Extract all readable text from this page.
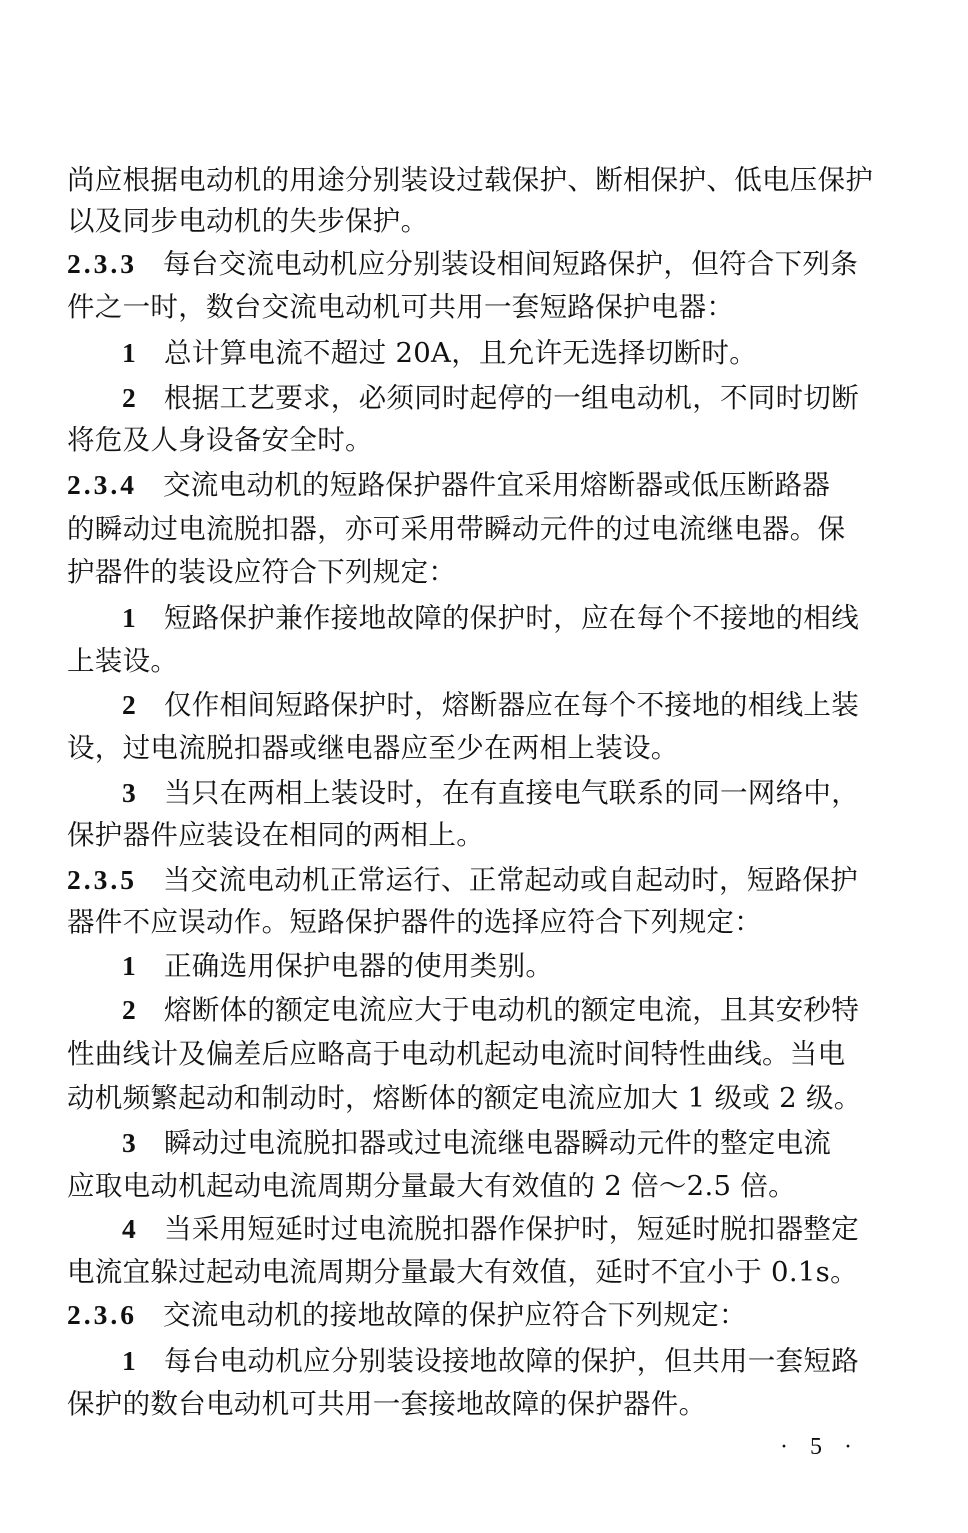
尚应根据电动机的用途分别装设过载保护、断相保护、低电压保护
以及同步电动机的失步保护。
2.3.3 每台交流电动机应分别装设相间短路保护，但符合下列条
件之一时，数台交流电动机可共用一套短路保护电器：
1 总计算电流不超过 20A，且允许无选择切断时。
2 根据工艺要求，必须同时起停的一组电动机，不同时切断
将危及人身设备安全时。
2.3.4 交流电动机的短路保护器件宜采用熔断器或低压断路器
的瞬动过电流脱扣器，亦可采用带瞬动元件的过电流继电器。保
护器件的装设应符合下列规定：
1 短路保护兼作接地故障的保护时，应在每个不接地的相线
上装设。
2 仅作相间短路保护时，熔断器应在每个不接地的相线上装
设，过电流脱扣器或继电器应至少在两相上装设。
3 当只在两相上装设时，在有直接电气联系的同一网络中，
保护器件应装设在相同的两相上。
2.3.5 当交流电动机正常运行、正常起动或自起动时，短路保护
器件不应误动作。短路保护器件的选择应符合下列规定：
1 正确选用保护电器的使用类别。
2 熔断体的额定电流应大于电动机的额定电流，且其安秒特
性曲线计及偏差后应略高于电动机起动电流时间特性曲线。当电
动机频繁起动和制动时，熔断体的额定电流应加大 1 级或 2 级。
3 瞬动过电流脱扣器或过电流继电器瞬动元件的整定电流
应取电动机起动电流周期分量最大有效值的 2 倍～2.5 倍。
4 当采用短延时过电流脱扣器作保护时，短延时脱扣器整定
电流宜躲过起动电流周期分量最大有效值，延时不宜小于 0.1s。
2.3.6 交流电动机的接地故障的保护应符合下列规定：
1 每台电动机应分别装设接地故障的保护，但共用一套短路
保护的数台电动机可共用一套接地故障的保护器件。
· 5 ·
